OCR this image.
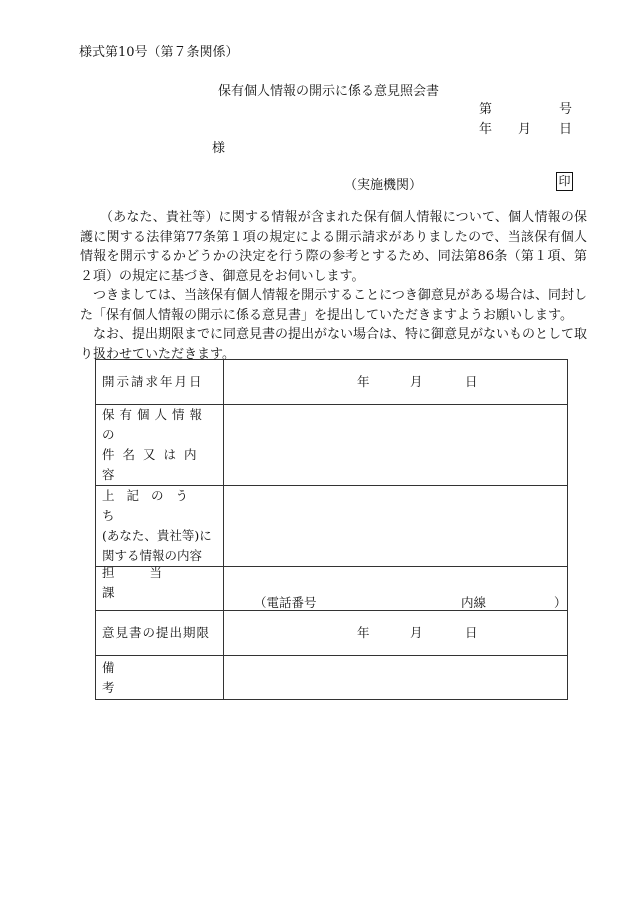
様式第10号（第７条関係）
保有個人情報の開示に係る意見照会書
第	号
年 月 日
様
（実施機関）	印

（あなた、貴社等）に関する情報が含まれた保有個人情報について、個人情報の保護に関する法律第77条第１項の規定による開示請求がありましたので、当該保有個人情報を開示するかどうかの決定を行う際の参考とするため、同法第86条（第１項、第２項）の規定に基づき、御意見をお伺いします。

つきましては、当該保有個人情報を開示することにつき御意見がある場合は、同封した「保有個人情報の開示に係る意見書」を提出していただきますようお願いします。

なお、提出期限までに同意見書の提出がない場合は、特に御意見がないものとして取り扱わせていただきます。

開示請求年月日	年 月 日

保有個人情報の
件名又は内容	

上記のうち
(あなた、貴社等)に
関する情報の内容	

担当課	（電話番号 内線 ）

意見書の提出期限	年 月 日

備考	
